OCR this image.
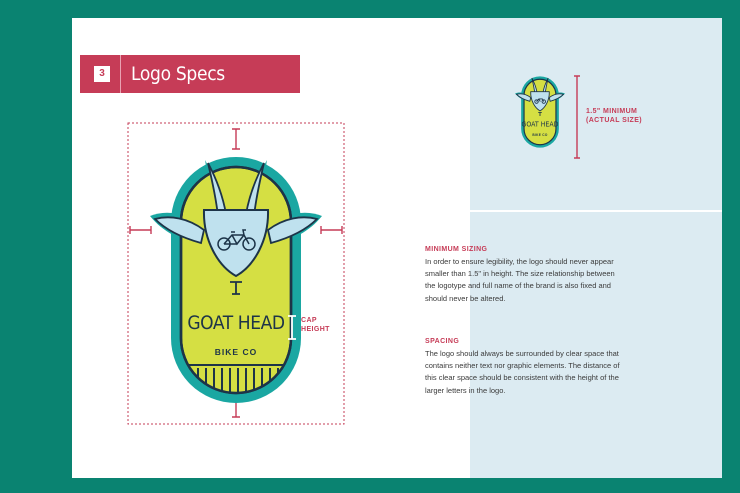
3 Logo Specs
GOAT HEAD
BIKE CO
GOAT HEAD
BIKE CO
CAP
HEIGHT
1.5" MINIMUM
(ACTUAL SIZE)
MINIMUM SIZING

In order to ensure legibility, the logo should never appear smaller than 1.5" in height. The size relationship between the logotype and full name of the brand is also fixed and should never be altered.

SPACING

The logo should always be surrounded by clear space that contains neither text nor graphic elements. The distance of this clear space should be consistent with the height of the larger letters in the logo.
